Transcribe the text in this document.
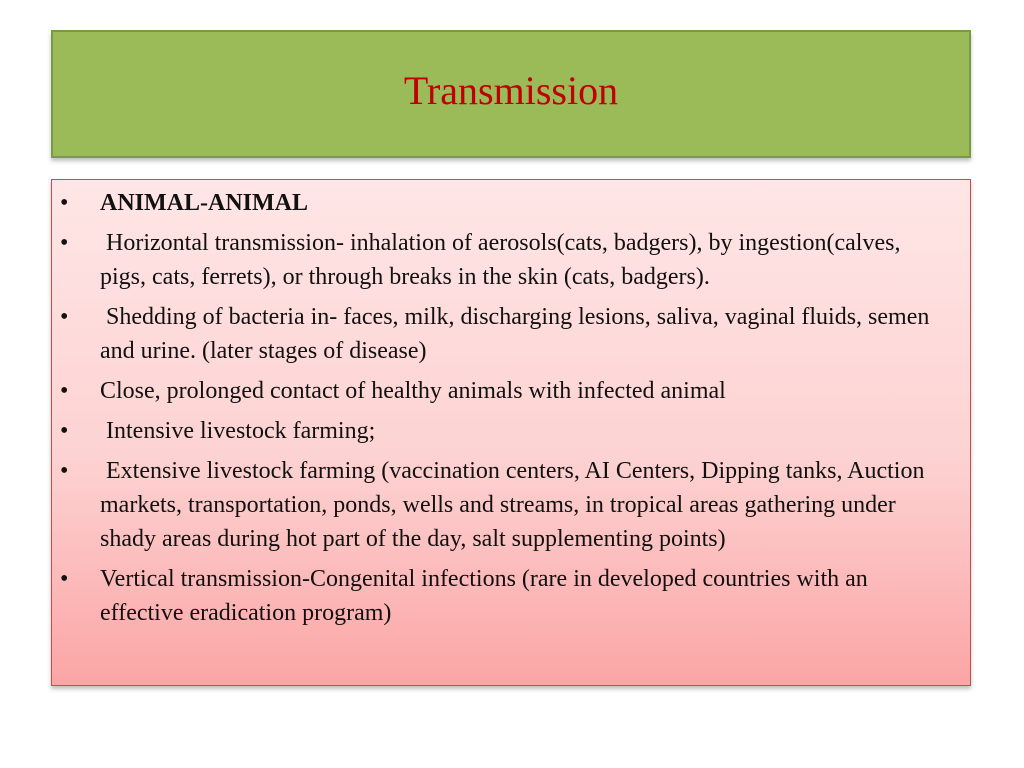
Transmission
• ANIMAL-ANIMAL
• Horizontal transmission- inhalation of aerosols(cats, badgers), by ingestion(calves, pigs, cats, ferrets), or through breaks in the skin (cats, badgers).
• Shedding of bacteria in- faces, milk, discharging lesions, saliva, vaginal fluids, semen and urine. (later stages of disease)
• Close, prolonged contact of healthy animals with infected animal
• Intensive livestock farming;
• Extensive livestock farming (vaccination centers, AI Centers, Dipping tanks, Auction markets, transportation, ponds, wells and streams, in tropical areas gathering under shady areas during hot part of the day, salt supplementing points)
• Vertical transmission-Congenital infections (rare in developed countries with an effective eradication program)
